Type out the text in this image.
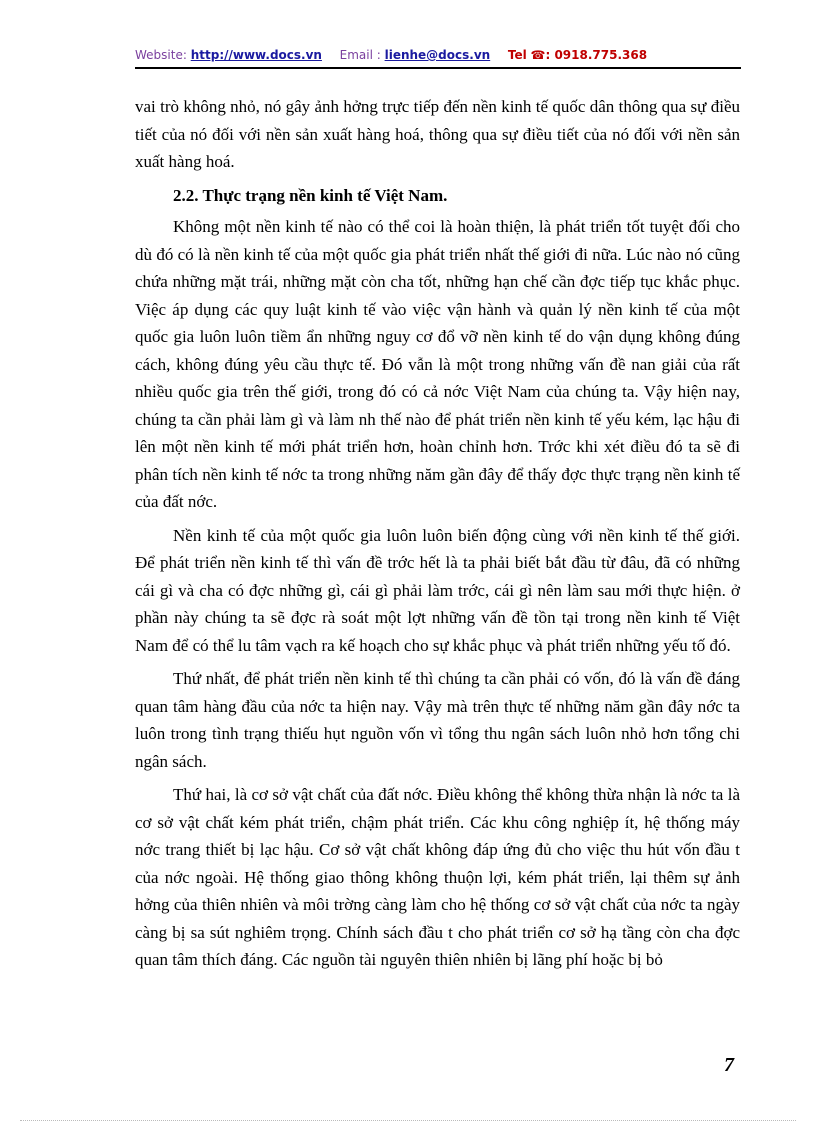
Website: http://www.docs.vn Email : lienhe@docs.vn Tel ☎: 0918.775.368

vai trò không nhỏ, nó gây ảnh hởng trực tiếp đến nền kinh tế quốc dân thông qua sự điều tiết của nó đối với nền sản xuất hàng hoá, thông qua sự điều tiết của nó đối với nền sản xuất hàng hoá.

2.2. Thực trạng nền kinh tế Việt Nam.

Không một nền kinh tế nào có thể coi là hoàn thiện, là phát triển tốt tuyệt đối cho dù đó có là nền kinh tế của một quốc gia phát triển nhất thế giới đi nữa. Lúc nào nó cũng chứa những mặt trái, những mặt còn cha tốt, những hạn chế cần đợc tiếp tục khắc phục. Việc áp dụng các quy luật kinh tế vào việc vận hành và quản lý nền kinh tế của một quốc gia luôn luôn tiềm ẩn những nguy cơ đổ vỡ nền kinh tế do vận dụng không đúng cách, không đúng yêu cầu thực tế. Đó vẫn là một trong những vấn đề nan giải của rất nhiều quốc gia trên thế giới, trong đó có cả nớc Việt Nam của chúng ta. Vậy hiện nay, chúng ta cần phải làm gì và làm nh thế nào để phát triển nền kinh tế yếu kém, lạc hậu đi lên một nền kinh tế mới phát triển hơn, hoàn chỉnh hơn. Trớc khi xét điều đó ta sẽ đi phân tích nền kinh tế nớc ta trong những năm gần đây để thấy đợc thực trạng nền kinh tế của đất nớc.

Nền kinh tế của một quốc gia luôn luôn biến động cùng với nền kinh tế thế giới. Để phát triển nền kinh tế thì vấn đề trớc hết là ta phải biết bắt đầu từ đâu, đã có những cái gì và cha có đợc những gì, cái gì phải làm trớc, cái gì nên làm sau mới thực hiện. ở phần này chúng ta sẽ đợc rà soát một lợt những vấn đề tồn tại trong nền kinh tế Việt Nam để có thể lu tâm vạch ra kế hoạch cho sự khắc phục và phát triển những yếu tố đó.

Thứ nhất, để phát triển nền kinh tế thì chúng ta cần phải có vốn, đó là vấn đề đáng quan tâm hàng đầu của nớc ta hiện nay. Vậy mà trên thực tế những năm gần đây nớc ta luôn trong tình trạng thiếu hụt nguồn vốn vì tổng thu ngân sách luôn nhỏ hơn tổng chi ngân sách.

Thứ hai, là cơ sở vật chất của đất nớc. Điều không thể không thừa nhận là nớc ta là cơ sở vật chất kém phát triển, chậm phát triển. Các khu công nghiệp ít, hệ thống máy nớc trang thiết bị lạc hậu. Cơ sở vật chất không đáp ứng đủ cho việc thu hút vốn đầu t của nớc ngoài. Hệ thống giao thông không thuộn lợi, kém phát triển, lại thêm sự ảnh hởng của thiên nhiên và môi trờng càng làm cho hệ thống cơ sở vật chất của nớc ta ngày càng bị sa sút nghiêm trọng. Chính sách đầu t cho phát triển cơ sở hạ tầng còn cha đợc quan tâm thích đáng. Các nguồn tài nguyên thiên nhiên bị lãng phí hoặc bị bỏ

7
